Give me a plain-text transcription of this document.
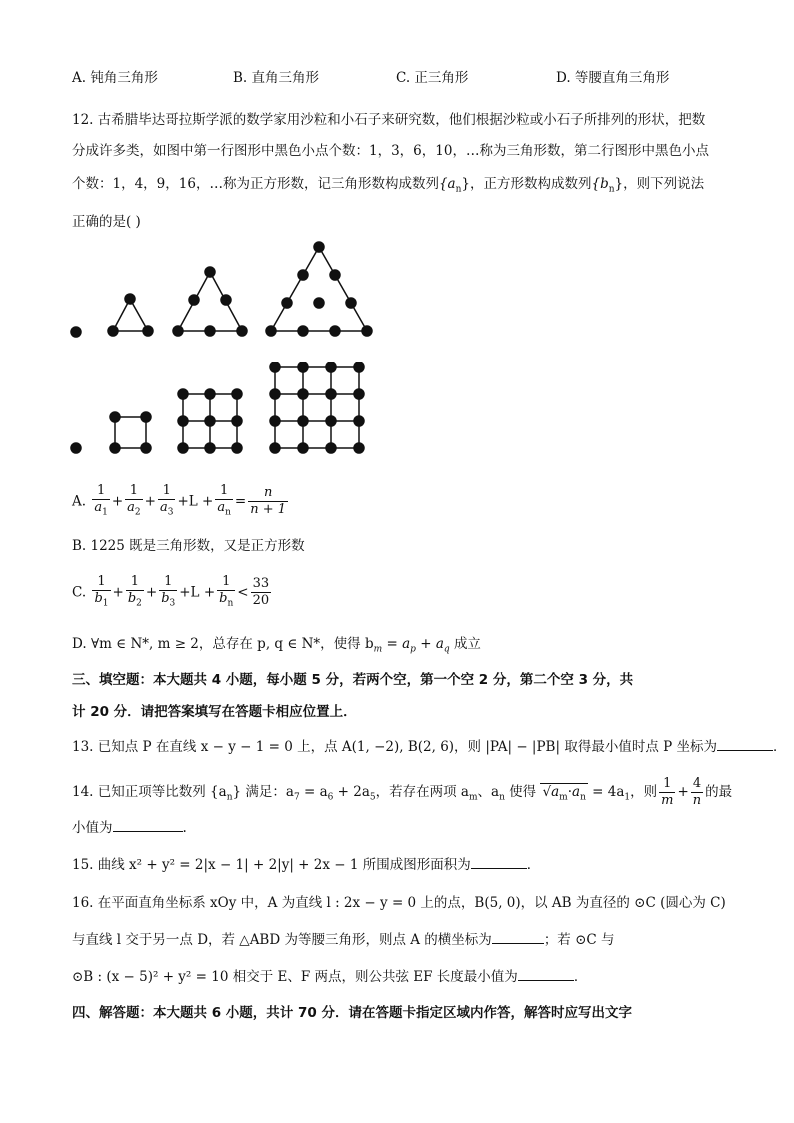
A. 钝角三角形	B. 直角三角形	C. 正三角形	D. 等腰直角三角形
12. 古希腊毕达哥拉斯学派的数学家用沙粒和小石子来研究数，他们根据沙粒或小石子所排列的形状，把数
分成许多类，如图中第一行图形中黑色小点个数：1，3，6，10，…称为三角形数，第二行图形中黑色小点
个数：1，4，9，16，…称为正方形数，记三角形数构成数列$\{a_n\}$，正方形数构成数列$\{b_n\}$，则下列说法
正确的是( )
A. $\frac{1}{a_1} + \frac{1}{a_2} + \frac{1}{a_3} +L + \frac{1}{a_n} = \frac{n}{n + 1}$
B. 1225 既是三角形数，又是正方形数
C. $\frac{1}{b_1} + \frac{1}{b_2} + \frac{1}{b_3} +L + \frac{1}{b_n} < \frac{33}{20}$
D. ∀m ∈ N*, m ≥ 2，总存在 p, q ∈ N*，使得 $b_m = a_p + a_q$ 成立
三、填空题：本大题共 4 小题，每小题 5 分，若两个空，第一个空 2 分，第二个空 3 分，共
计 20 分．请把答案填写在答题卡相应位置上．
13. 已知点 P 在直线 x − y − 1 = 0 上，点 A(1, −2), B(2, 6)，则 |PA| − |PB| 取得最小值时点 P 坐标为	．
14. 已知正项等比数列 $\{a_n\}$ 满足：$a_7 = a_6 + 2a_5$，若存在两项 $a_m$、$a_n$ 使得 $√a_m\cdot a_n = 4a_1$，则 $\frac{1}{m} + \frac{4}{n}$ 的最
小值为	.
15. 曲线 x² + y² = 2|x − 1| + 2|y| + 2x − 1 所围成图形面积为	．
16. 在平面直角坐标系 xOy 中，A 为直线 l : 2x − y = 0 上的点，B(5, 0)，以 AB 为直径的 ⊙C (圆心为 C)
与直线 l 交于另一点 D，若 △ABD 为等腰三角形，则点 A 的横坐标为	；若 ⊙C 与
⊙B : (x − 5)² + y² = 10 相交于 E、F 两点，则公共弦 EF 长度最小值为	．
四、解答题：本大题共 6 小题，共计 70 分．请在答题卡指定区域内作答，解答时应写出文字
